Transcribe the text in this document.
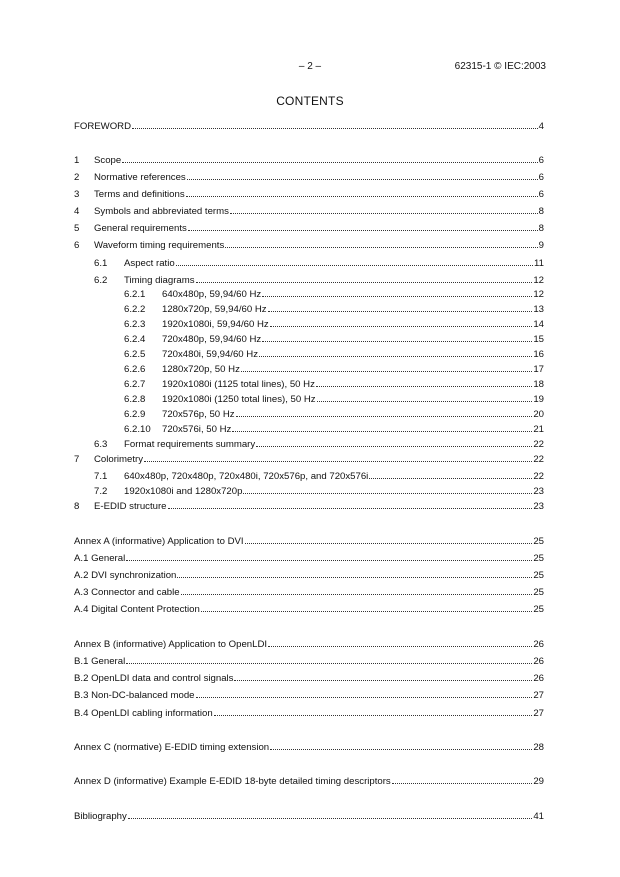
– 2 –	62315-1 © IEC:2003
CONTENTS
FOREWORD	4
1	Scope	6
2	Normative references	6
3	Terms and definitions	6
4	Symbols and abbreviated terms	8
5	General requirements	8
6	Waveform timing requirements	9
6.1	Aspect ratio	11
6.2	Timing diagrams	12
6.2.1	640x480p, 59,94/60 Hz	12
6.2.2	1280x720p, 59,94/60 Hz	13
6.2.3	1920x1080i, 59,94/60 Hz	14
6.2.4	720x480p, 59,94/60 Hz	15
6.2.5	720x480i, 59,94/60 Hz	16
6.2.6	1280x720p, 50 Hz	17
6.2.7	1920x1080i (1125 total lines), 50 Hz	18
6.2.8	1920x1080i (1250 total lines), 50 Hz	19
6.2.9	720x576p, 50 Hz	20
6.2.10	720x576i, 50 Hz	21
6.3	Format requirements summary	22
7	Colorimetry	22
7.1	640x480p, 720x480p, 720x480i, 720x576p, and 720x576i	22
7.2	1920x1080i and 1280x720p	23
8	E-EDID structure	23
Annex A (informative) Application to DVI	25
A.1 General	25
A.2 DVI synchronization	25
A.3 Connector and cable	25
A.4 Digital Content Protection	25
Annex B (informative) Application to OpenLDI	26
B.1 General	26
B.2 OpenLDI data and control signals	26
B.3 Non-DC-balanced mode	27
B.4 OpenLDI cabling information	27
Annex C (normative) E-EDID timing extension	28
Annex D (informative) Example E-EDID 18-byte detailed timing descriptors	29
Bibliography	41
